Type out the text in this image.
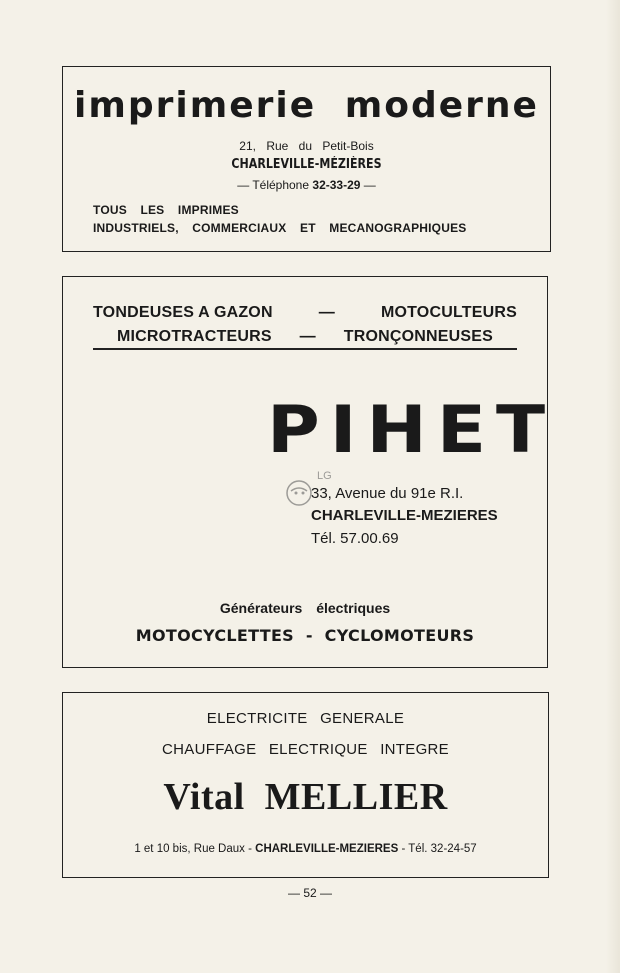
imprimerie moderne
21, Rue du Petit-Bois
CHARLEVILLE-MÉZIÈRES
— Téléphone 32-33-29 —
TOUS LES IMPRIMES
INDUSTRIELS, COMMERCIAUX ET MECANOGRAPHIQUES
TONDEUSES A GAZON	—	MOTOCULTEURS
MICROTRACTEURS — TRONÇONNEUSES
PIHET
LG
33, Avenue du 91e R.I.
CHARLEVILLE-MEZIERES
Tél. 57.00.69
Générateurs électriques
MOTOCYCLETTES - CYCLOMOTEURS
ELECTRICITE GENERALE
CHAUFFAGE ELECTRIQUE INTEGRE
Vital MELLIER
1 et 10 bis, Rue Daux - CHARLEVILLE-MEZIERES - Tél. 32-24-57
— 52 —
